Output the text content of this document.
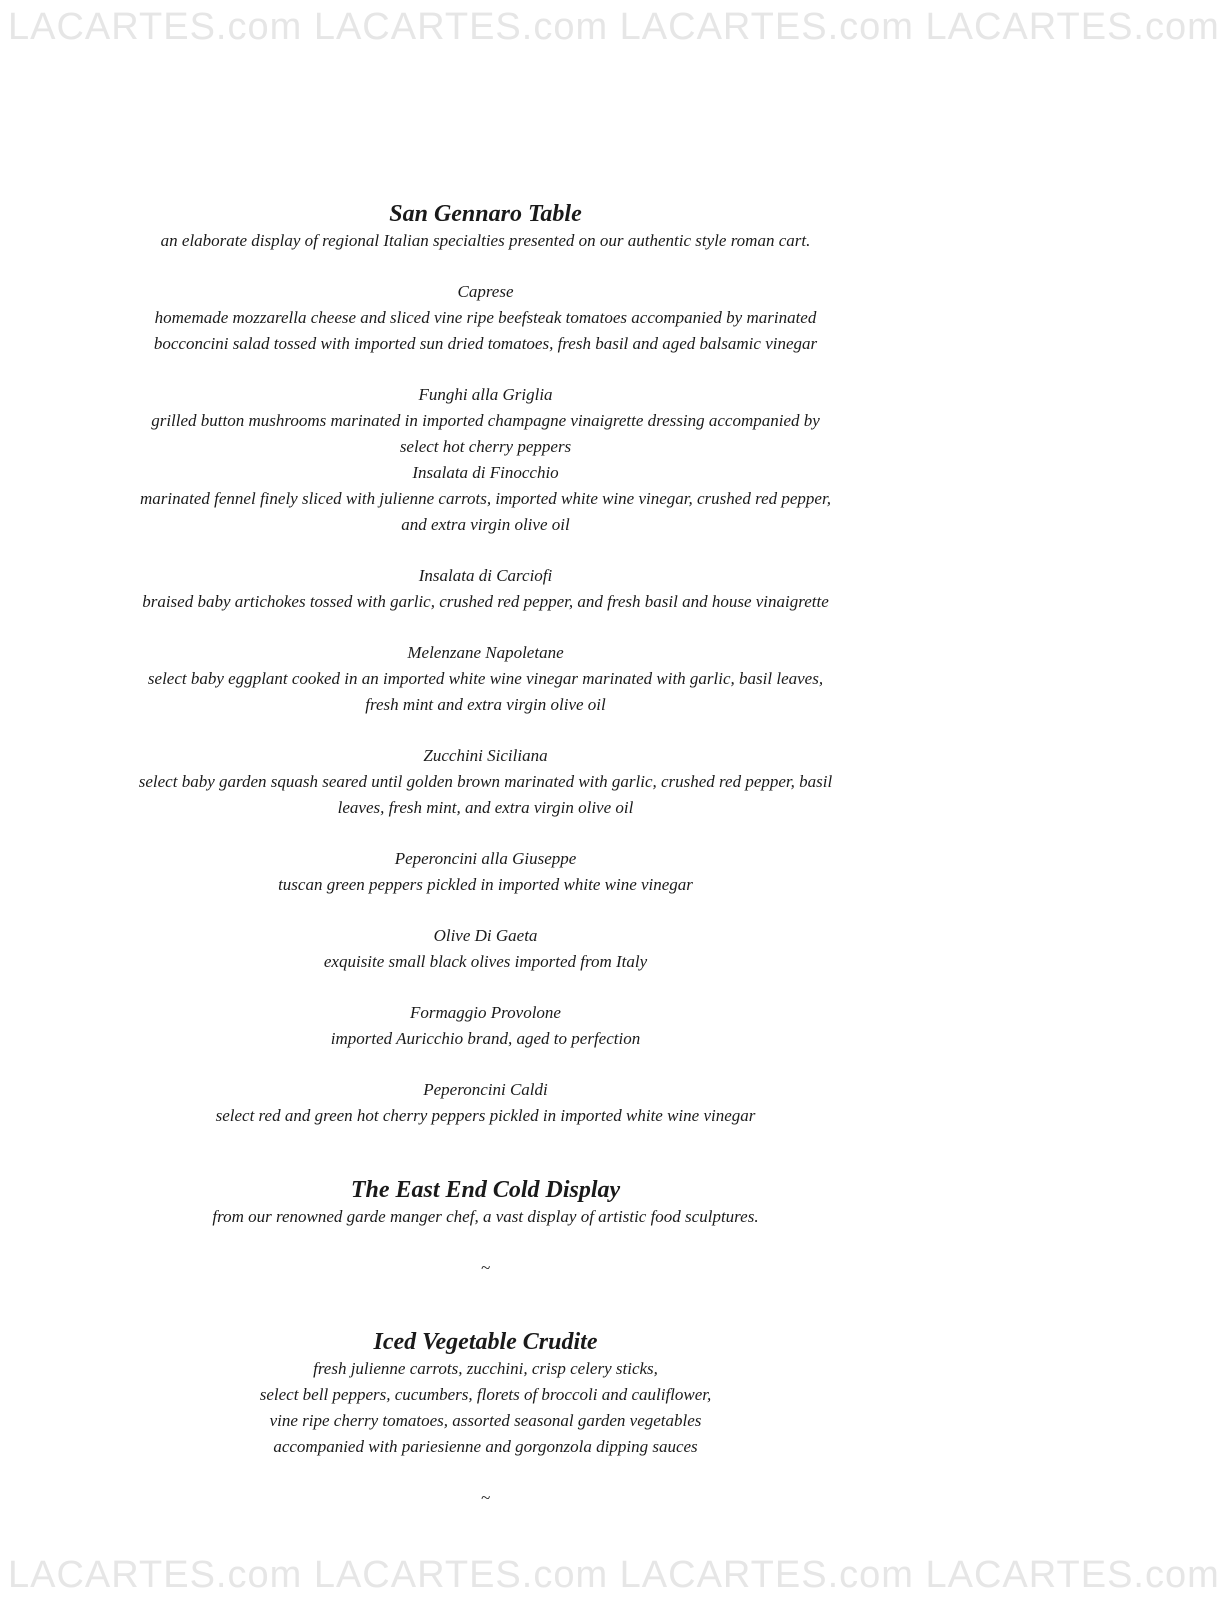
LACARTES.com LACARTES.com LACARTES.com LACARTES.com
San Gennaro Table

an elaborate display of regional Italian specialties presented on our authentic style roman cart.

Caprese

homemade mozzarella cheese and sliced vine ripe beefsteak tomatoes accompanied by marinated
bocconcini salad tossed with imported sun dried tomatoes, fresh basil and aged balsamic vinegar

Funghi alla Griglia

grilled button mushrooms marinated in imported champagne vinaigrette dressing accompanied by
select hot cherry peppers

Insalata di Finocchio

marinated fennel finely sliced with julienne carrots, imported white wine vinegar, crushed red pepper,
and extra virgin olive oil

Insalata di Carciofi

braised baby artichokes tossed with garlic, crushed red pepper, and fresh basil and house vinaigrette

Melenzane Napoletane

select baby eggplant cooked in an imported white wine vinegar marinated with garlic, basil leaves,
fresh mint and extra virgin olive oil

Zucchini Siciliana

select baby garden squash seared until golden brown marinated with garlic, crushed red pepper, basil
leaves, fresh mint, and extra virgin olive oil

Peperoncini alla Giuseppe

tuscan green peppers pickled in imported white wine vinegar

Olive Di Gaeta

exquisite small black olives imported from Italy

Formaggio Provolone

imported Auricchio brand, aged to perfection

Peperoncini Caldi

select red and green hot cherry peppers pickled in imported white wine vinegar

The East End Cold Display

from our renowned garde manger chef, a vast display of artistic food sculptures.

~

Iced Vegetable Crudite

fresh julienne carrots, zucchini, crisp celery sticks,
select bell peppers, cucumbers, florets of broccoli and cauliflower,
vine ripe cherry tomatoes, assorted seasonal garden vegetables
accompanied with pariesienne and gorgonzola dipping sauces

~

LACARTES.com LACARTES.com LACARTES.com LACARTES.com
